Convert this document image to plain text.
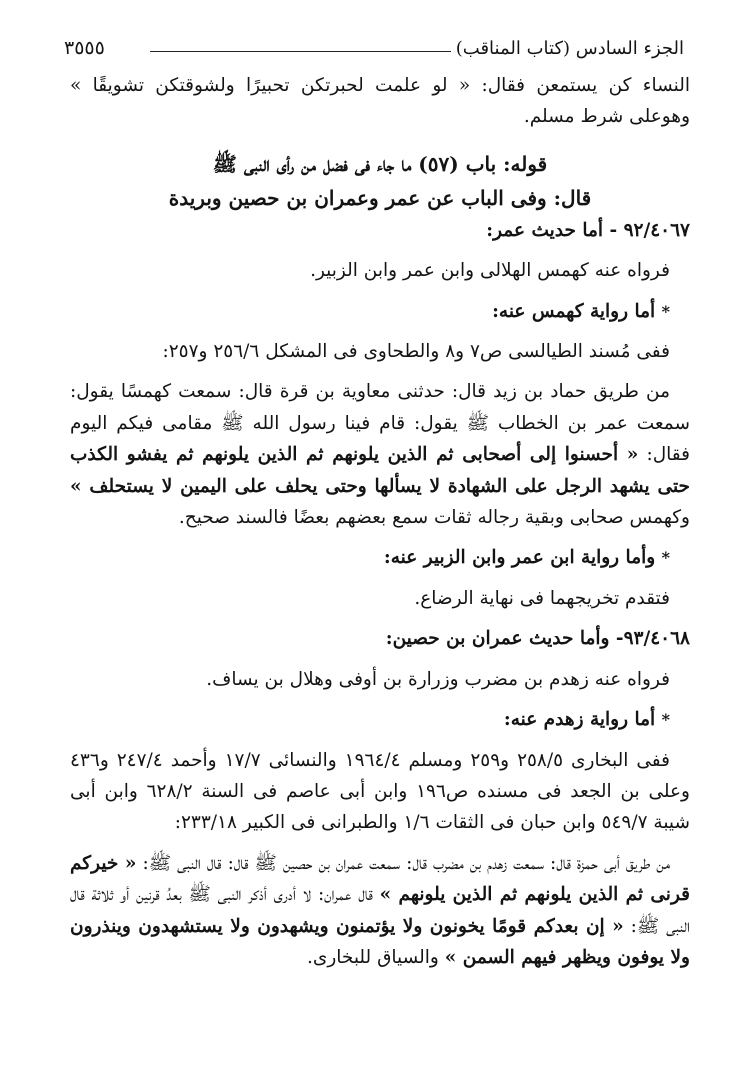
الجزء السادس (كتاب المناقب)
٣٥٥٥

النساء كن يستمعن فقال: « لو علمت لحبرتكن تحبيرًا ولشوقتكن تشويقًا » وهوعلى شرط مسلم.

قوله: باب (٥٧) ما جاء فى فضل من رأى النبى ﷺ

قال: وفى الباب عن عمر وعمران بن حصين وبريدة

٩٢/٤٠٦٧ - أما حديث عمر:

فرواه عنه كهمس الهلالى وابن عمر وابن الزبير.

* أما رواية كهمس عنه:

ففى مُسند الطيالسى ص٧ و٨ والطحاوى فى المشكل ٢٥٦/٦ و٢٥٧:

من طريق حماد بن زيد قال: حدثنى معاوية بن قرة قال: سمعت كهمسًا يقول: سمعت عمر بن الخطاب ﷺ يقول: قام فينا رسول الله ﷺ مقامى فيكم اليوم فقال: « أحسنوا إلى أصحابى ثم الذين يلونهم ثم الذين يلونهم ثم يفشو الكذب حتى يشهد الرجل على الشهادة لا يسألها وحتى يحلف على اليمين لا يستحلف » وكهمس صحابى وبقية رجاله ثقات سمع بعضهم بعضًا فالسند صحيح.

* وأما رواية ابن عمر وابن الزبير عنه:

فتقدم تخريجهما فى نهاية الرضاع.

٩٣/٤٠٦٨- وأما حديث عمران بن حصين:

فرواه عنه زهدم بن مضرب وزرارة بن أوفى وهلال بن يساف.

* أما رواية زهدم عنه:

ففى البخارى ٢٥٨/٥ و٢٥٩ ومسلم ١٩٦٤/٤ والنسائى ١٧/٧ وأحمد ٢٤٧/٤ و٤٣٦ وعلى بن الجعد فى مسنده ص١٩٦ وابن أبى عاصم فى السنة ٦٢٨/٢ وابن أبى شيبة ٥٤٩/٧ وابن حبان فى الثقات ١/٦ والطبرانى فى الكبير ٢٣٣/١٨:

من طريق أبى حمزة قال: سمعت زهدم بن مضرب قال: سمعت عمران بن حصين ﷺ قال: قال النبى ﷺ: « خيركم قرنى ثم الذين يلونهم ثم الذين يلونهم » قال عمران: لا أدرى أذكر النبى ﷺ بعدُ قرنين أو ثلاثة قال النبى ﷺ: « إن بعدكم قومًا يخونون ولا يؤتمنون ويشهدون ولا يستشهدون وينذرون ولا يوفون ويظهر فيهم السمن » والسياق للبخارى.
